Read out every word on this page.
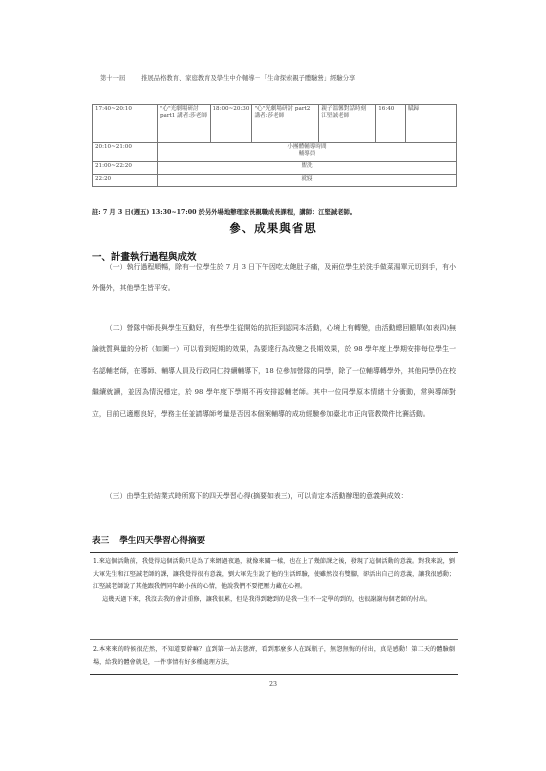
第十一屆	推展品格教育、家庭教育及學生中介輔導－「生命探索親子體驗營」經驗分享
17:40~20:10	"心"光劇場研討 part1 講者:莎老師	18:00~20:30	"心"光劇場研討 part2 講者:莎老師	親子溫馨對話時刻 江堅誠老師	16:40	賦歸
20:10~21:00	小團體輔導時間
輔導員					
21:00~22:20	盥洗					
22:20	就寢					
註: 7 月 3 日(週五) 13:30~17:00 於另外場地辦理家長親職成長課程，講師：江堅誠老師。
參、成果與省思
一、計畫執行過程與成效

（一）執行過程順暢，除有一位學生於 7 月 3 日下午因吃太飽肚子痛，及兩位學生於洗手做菜湯單元切到手，有小外傷外，其他學生皆平安。

（二）營隊中師長與學生互動好，有些學生從開始的抗拒到認同本活動，心境上有轉變，由活動總回饋單(如表四)無論就質與量的分析（如圖一）可以看到短期的效果，為要達行為改變之長期效果，於 98 學年度上學期安排每位學生一名認輔老師，在導師、輔導人員及行政同仁持續輔導下，18 位參加營隊的同學，除了一位輔導轉學外，其他同學仍在校繼續就讀，並因為情況穩定，於 98 學年度下學期不再安排認輔老師。其中一位同學原本情緒十分衝動，常與導師對立，目前已適應良好，學務主任並請導師考量是否因本個案輔導的成功經驗參加臺北市正向管教徵件比賽活動。

（三）由學生於結業式時所寫下的四天學習心得(摘要如表三)，可以肯定本活動辦理的意義與成效：

表三 學生四天學習心得摘要

1.來這個活動前，我覺得這個活動只是為了來網過夜過，就像來關一樣，也在上了幾節課之後，發現了這個活動的意義。對我來說，劉大軍先生和江堅誠老師的課，讓我覺得很有意義，劉大軍先生說了他的生活經驗，使雖然沒有雙腳，卻活出自己的意義，讓我很感動；江堅誠老師說了其他跟我們同年齡小孩的心情，他說我們不要把壓力藏在心裡。

這幾天過下來，我沒去我的會計重修，讓我很累，但是我得到聽到的是我一生不一定學的到的，也很謝謝每個老師的付出。

2.本來來的時候很茫然，不知道要幹嘛？直到第一站去慈濟，看到那麼多人在踩瓶子，無怨無悔的付出，真是感動！第二天的體驗劇場，給我的體會就是，一件事情有好多種處理方法，

23
